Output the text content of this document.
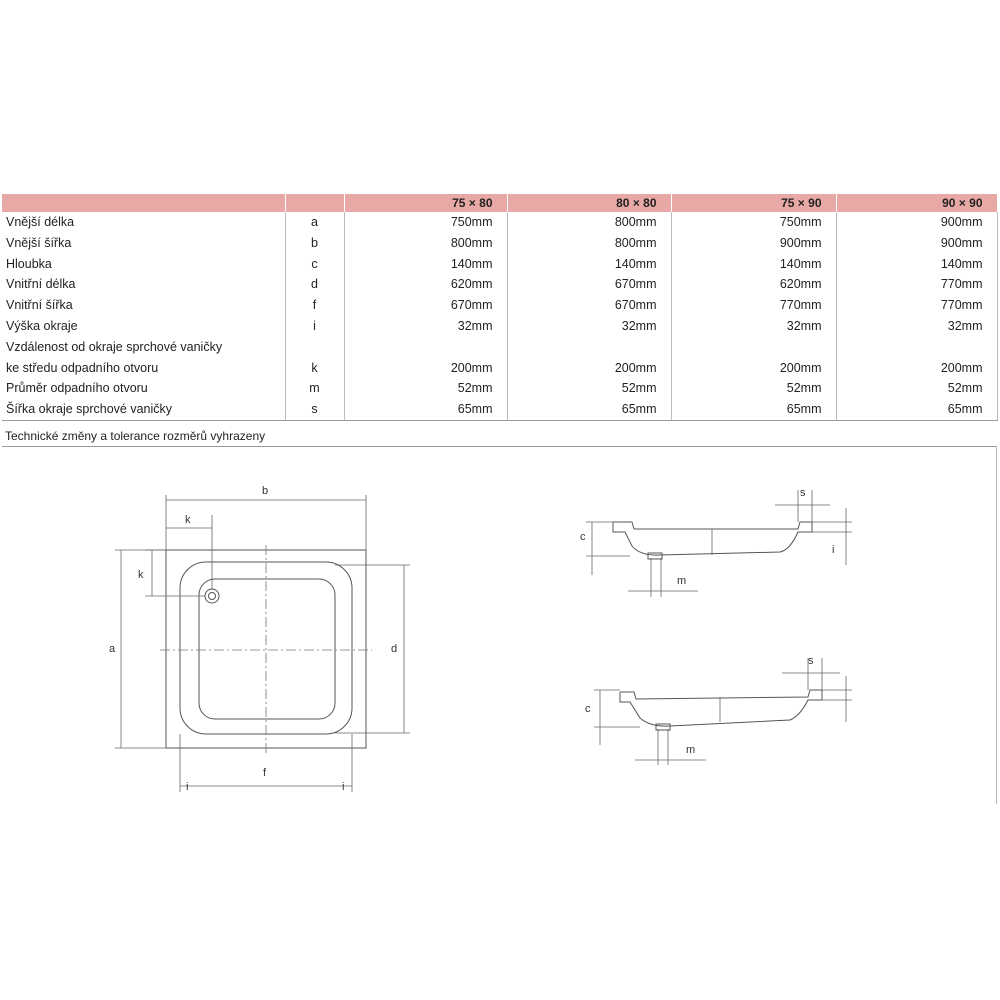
		75 × 80	80 × 80	75 × 90	90 × 90
Vnější délka	a	750mm	800mm	750mm	900mm
Vnější šířka	b	800mm	800mm	900mm	900mm
Hloubka	c	140mm	140mm	140mm	140mm
Vnitřní délka	d	620mm	670mm	620mm	770mm
Vnitřní šířka	f	670mm	670mm	770mm	770mm
Výška okraje	i	32mm	32mm	32mm	32mm
Vzdálenost od okraje sprchové vaničky					
ke středu odpadního otvoru	k	200mm	200mm	200mm	200mm
Průměr odpadního otvoru	m	52mm	52mm	52mm	52mm
Šířka okraje sprchové vaničky	s	65mm	65mm	65mm	65mm
Technické změny a tolerance rozměrů vyhrazeny
b
k
k
a	d
f
i	i
c
s
i
m
c
s
m
